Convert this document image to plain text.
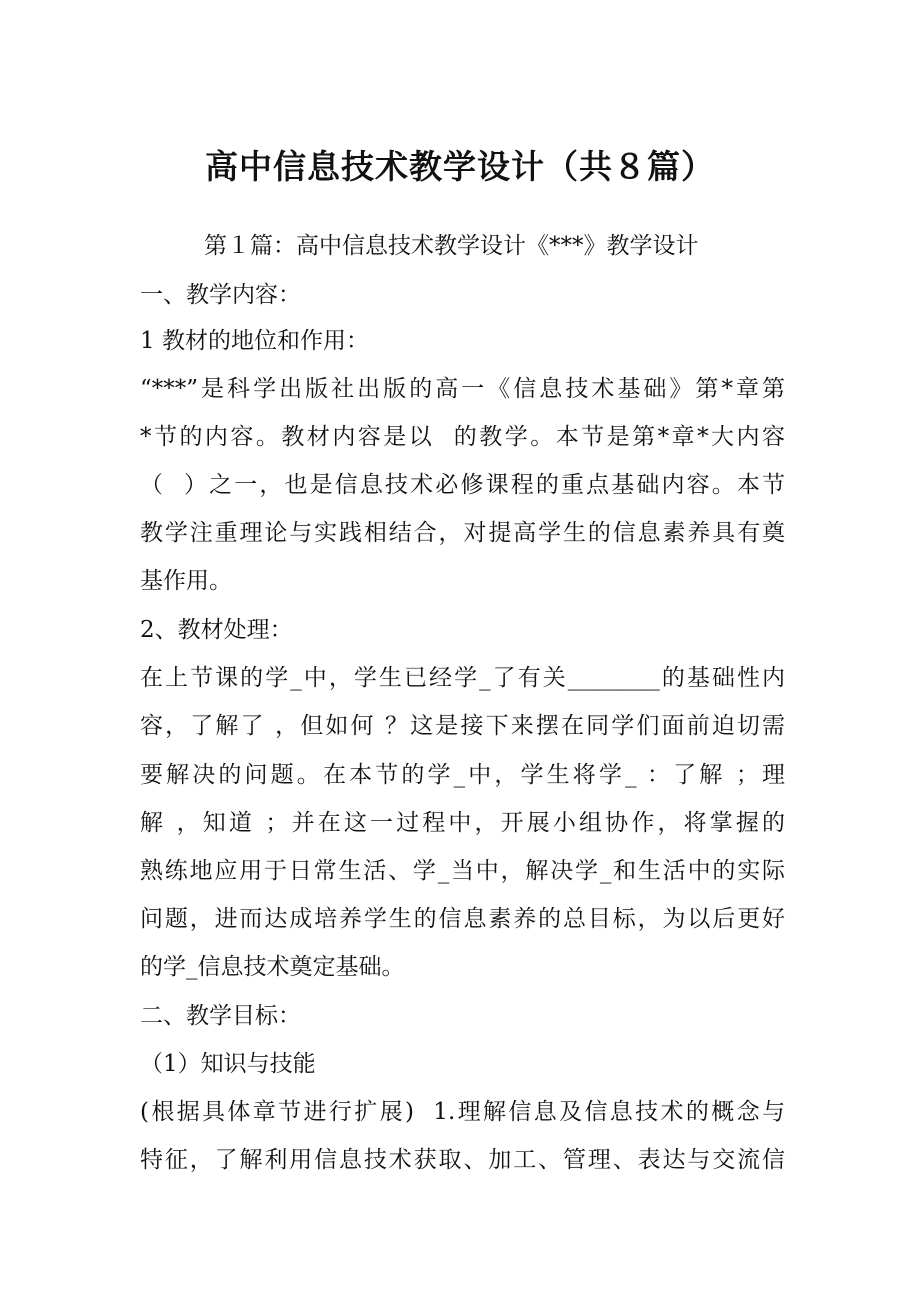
高中信息技术教学设计（共８篇）
第１篇：高中信息技术教学设计《***》教学设计
一、教学内容：
1 教材的地位和作用：
“***”是科学出版社出版的高一《信息技术基础》第*章第
*节的内容。教材内容是以  的教学。本节是第*章*大内容
（  ）之一，也是信息技术必修课程的重点基础内容。本节
教学注重理论与实践相结合，对提高学生的信息素养具有奠
基作用。
2、教材处理：
在上节课的学_中，学生已经学_了有关________的基础性内
容，了解了 ，但如何 ？这是接下来摆在同学们面前迫切需
要解决的问题。在本节的学_中，学生将学_ ：了解 ；理
解 ，知道 ；并在这一过程中，开展小组协作，将掌握的
熟练地应用于日常生活、学_当中，解决学_和生活中的实际
问题，进而达成培养学生的信息素养的总目标，为以后更好
的学_信息技术奠定基础。
二、教学目标：
（1）知识与技能
(根据具体章节进行扩展)  1.理解信息及信息技术的概念与
特征，了解利用信息技术获取、加工、管理、表达与交流信
